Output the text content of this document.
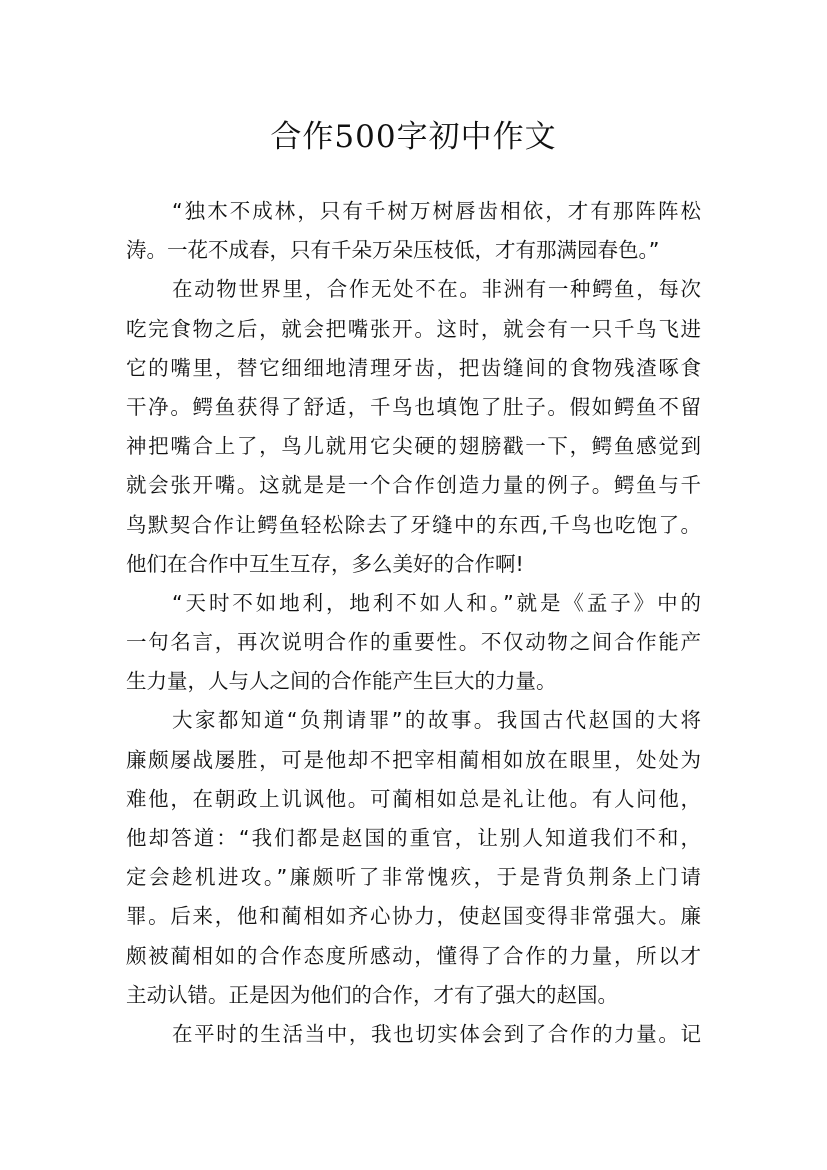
合作500字初中作文
“独木不成林，只有千树万树唇齿相依，才有那阵阵松
涛。一花不成春，只有千朵万朵压枝低，才有那满园春色。”
在动物世界里，合作无处不在。非洲有一种鳄鱼，每次
吃完食物之后，就会把嘴张开。这时，就会有一只千鸟飞进
它的嘴里，替它细细地清理牙齿，把齿缝间的食物残渣啄食
干净。鳄鱼获得了舒适，千鸟也填饱了肚子。假如鳄鱼不留
神把嘴合上了，鸟儿就用它尖硬的翅膀戳一下，鳄鱼感觉到
就会张开嘴。这就是是一个合作创造力量的例子。鳄鱼与千
鸟默契合作让鳄鱼轻松除去了牙缝中的东西,千鸟也吃饱了。
他们在合作中互生互存，多么美好的合作啊!
“天时不如地利，地利不如人和。”就是《孟子》中的
一句名言，再次说明合作的重要性。不仅动物之间合作能产
生力量，人与人之间的合作能产生巨大的力量。
大家都知道“负荆请罪”的故事。我国古代赵国的大将
廉颇屡战屡胜，可是他却不把宰相蔺相如放在眼里，处处为
难他，在朝政上讥讽他。可蔺相如总是礼让他。有人问他，
他却答道：“我们都是赵国的重官，让别人知道我们不和，
定会趁机进攻。”廉颇听了非常愧疚，于是背负荆条上门请
罪。后来，他和蔺相如齐心协力，使赵国变得非常强大。廉
颇被蔺相如的合作态度所感动，懂得了合作的力量，所以才
主动认错。正是因为他们的合作，才有了强大的赵国。
在平时的生活当中，我也切实体会到了合作的力量。记
